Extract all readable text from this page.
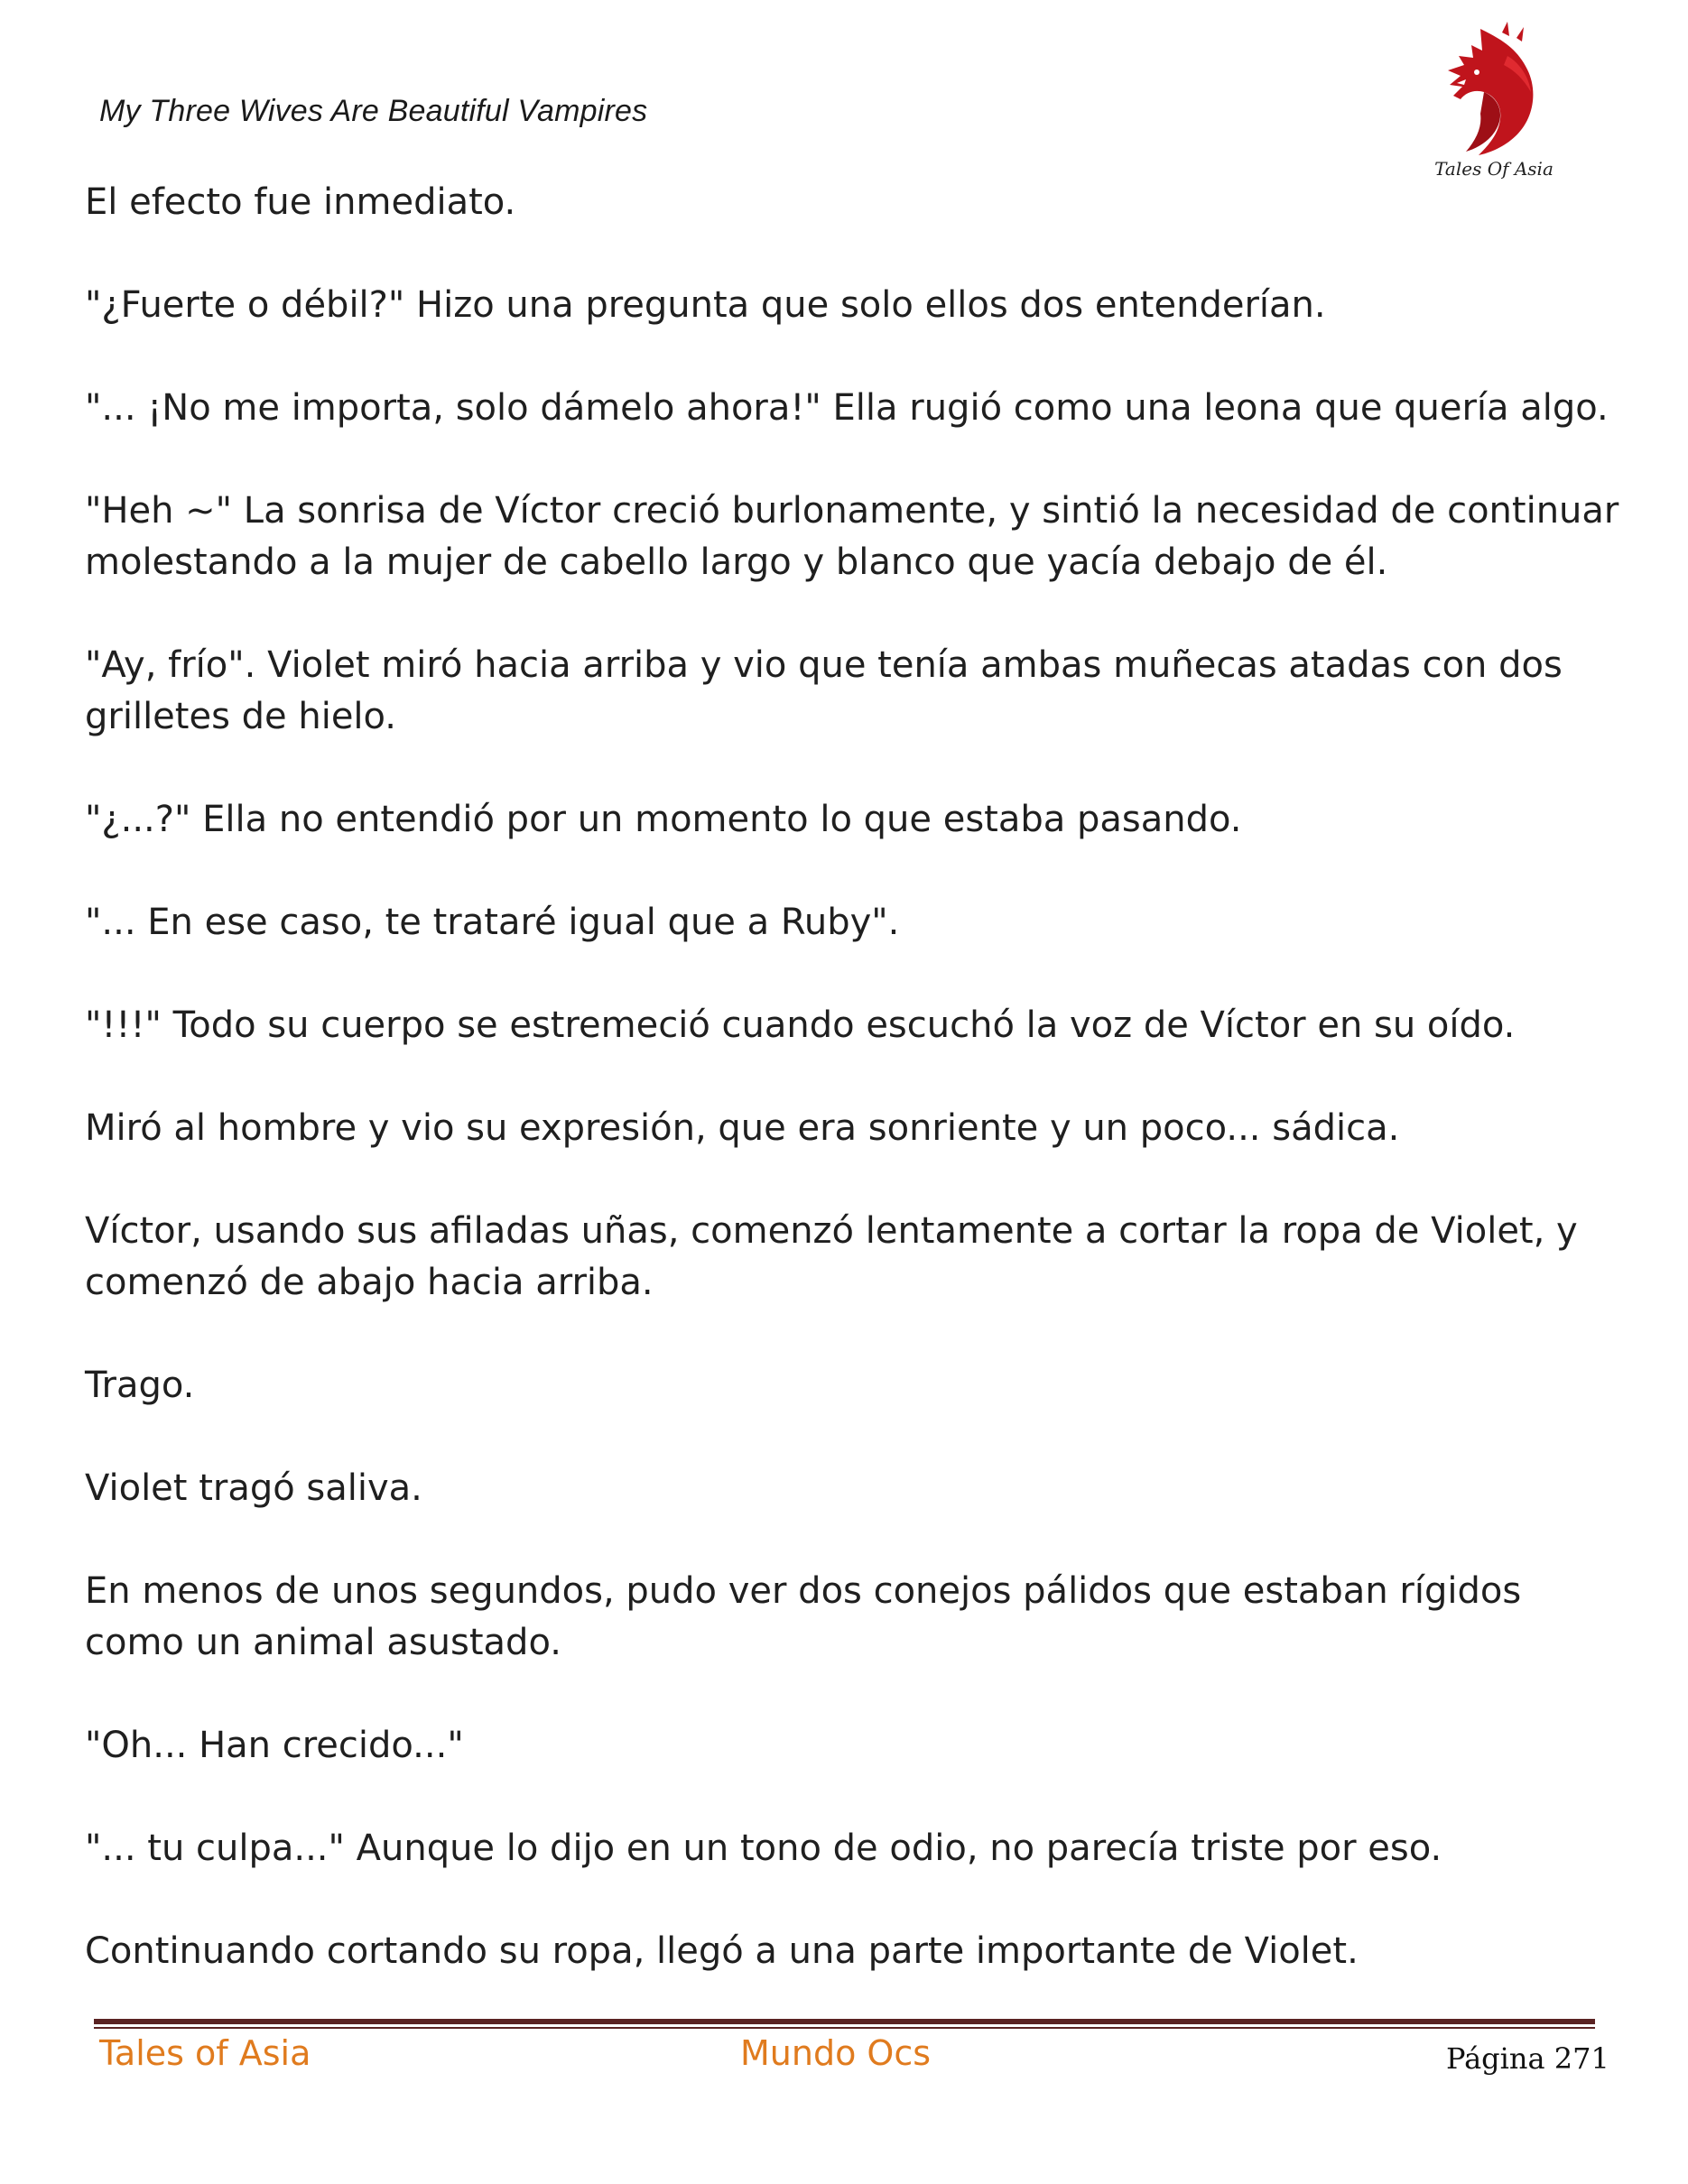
My Three Wives Are Beautiful Vampires
Tales Of Asia

El efecto fue inmediato.

"¿Fuerte o débil?" Hizo una pregunta que solo ellos dos entenderían.

"... ¡No me importa, solo dámelo ahora!" Ella rugió como una leona que quería algo.

"Heh ~" La sonrisa de Víctor creció burlonamente, y sintió la necesidad de continuar molestando a la mujer de cabello largo y blanco que yacía debajo de él.

"Ay, frío". Violet miró hacia arriba y vio que tenía ambas muñecas atadas con dos grilletes de hielo.

"¿...?" Ella no entendió por un momento lo que estaba pasando.

"... En ese caso, te trataré igual que a Ruby".

"!!!" Todo su cuerpo se estremeció cuando escuchó la voz de Víctor en su oído.

Miró al hombre y vio su expresión, que era sonriente y un poco... sádica.

Víctor, usando sus afiladas uñas, comenzó lentamente a cortar la ropa de Violet, y comenzó de abajo hacia arriba.

Trago.

Violet tragó saliva.

En menos de unos segundos, pudo ver dos conejos pálidos que estaban rígidos como un animal asustado.

"Oh... Han crecido..."

"... tu culpa..." Aunque lo dijo en un tono de odio, no parecía triste por eso.

Continuando cortando su ropa, llegó a una parte importante de Violet.

Tales of Asia	Mundo Ocs	Página 271
